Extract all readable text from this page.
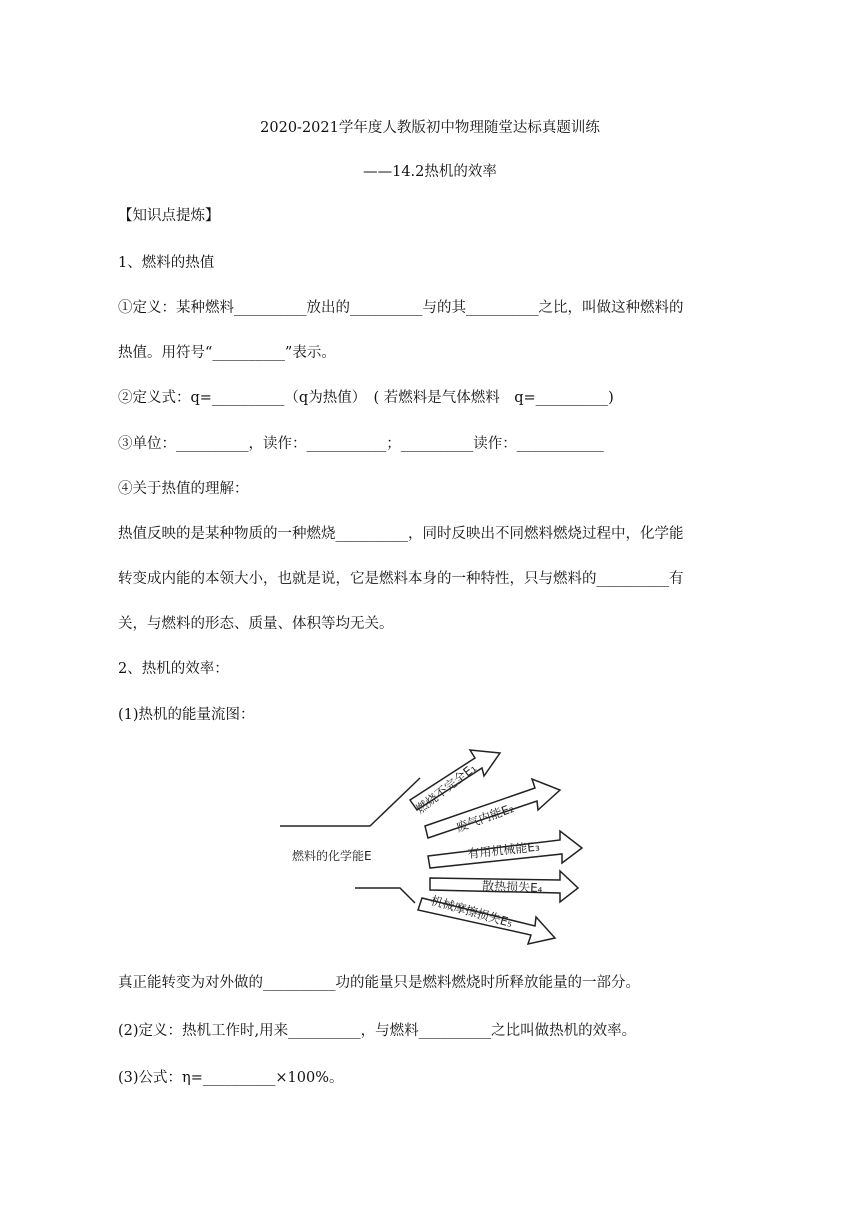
2020-2021学年度人教版初中物理随堂达标真题训练
——14.2热机的效率
【知识点提炼】
1、燃料的热值
①定义：某种燃料__________放出的__________与的其__________之比，叫做这种燃料的
热值。用符号“__________”表示。
②定义式：q=__________（q为热值）　( 若燃料是气体燃料　q=__________)
③单位：__________，读作：___________；__________读作：____________
④关于热值的理解：
热值反映的是某种物质的一种燃烧__________，同时反映出不同燃料燃烧过程中，化学能
转变成内能的本领大小，也就是说，它是燃料本身的一种特性，只与燃料的__________有
关，与燃料的形态、质量、体积等均无关。
2、热机的效率：
(1)热机的能量流图：
燃料的化学能E
燃烧不完全E₁
废气内能E₂
有用机械能E₃
散热损失E₄
机械摩擦损失E₅
真正能转变为对外做的__________功的能量只是燃料燃烧时所释放能量的一部分。
(2)定义：热机工作时,用来__________，与燃料__________之比叫做热机的效率。
(3)公式：η=__________×100%。
